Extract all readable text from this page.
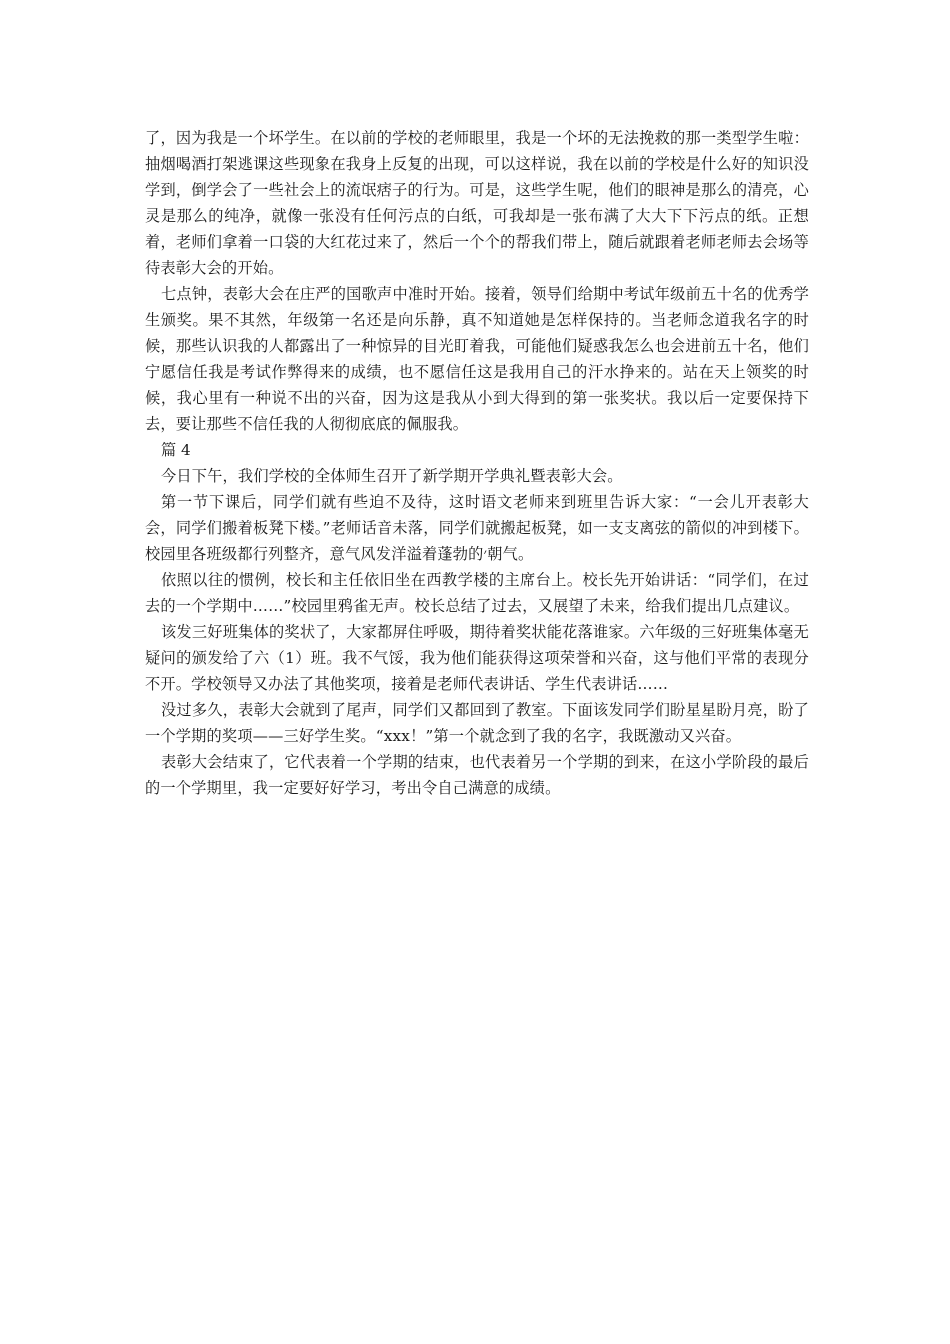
了，因为我是一个坏学生。在以前的学校的老师眼里，我是一个坏的无法挽救的那一类型学生啦：抽烟喝酒打架逃课这些现象在我身上反复的出现，可以这样说，我在以前的学校是什么好的知识没学到，倒学会了一些社会上的流氓痞子的行为。可是，这些学生呢，他们的眼神是那么的清亮，心灵是那么的纯净，就像一张没有任何污点的白纸，可我却是一张布满了大大下下污点的纸。正想着，老师们拿着一口袋的大红花过来了，然后一个个的帮我们带上，随后就跟着老师老师去会场等待表彰大会的开始。

七点钟，表彰大会在庄严的国歌声中准时开始。接着，领导们给期中考试年级前五十名的优秀学生颁奖。果不其然，年级第一名还是向乐静，真不知道她是怎样保持的。当老师念道我名字的时候，那些认识我的人都露出了一种惊异的目光盯着我，可能他们疑惑我怎么也会进前五十名，他们宁愿信任我是考试作弊得来的成绩，也不愿信任这是我用自己的汗水挣来的。站在天上领奖的时候，我心里有一种说不出的兴奋，因为这是我从小到大得到的第一张奖状。我以后一定要保持下去，要让那些不信任我的人彻彻底底的佩服我。

篇 4

今日下午，我们学校的全体师生召开了新学期开学典礼暨表彰大会。

第一节下课后，同学们就有些迫不及待，这时语文老师来到班里告诉大家：“一会儿开表彰大会，同学们搬着板凳下楼。”老师话音未落，同学们就搬起板凳，如一支支离弦的箭似的冲到楼下。校园里各班级都行列整齐，意气风发洋溢着蓬勃的׳朝气。

依照以往的惯例，校长和主任依旧坐在西教学楼的主席台上。校长先开始讲话：“同学们，在过去的一个学期中……”校园里鸦雀无声。校长总结了过去，又展望了未来，给我们提出几点建议。

该发三好班集体的奖状了，大家都屏住呼吸，期待着奖状能花落谁家。六年级的三好班集体毫无疑问的颁发给了六（1）班。我不气馁，我为他们能获得这项荣誉和兴奋，这与他们平常的表现分不开。学校领导又办法了其他奖项，接着是老师代表讲话、学生代表讲话……

没过多久，表彰大会就到了尾声，同学们又都回到了教室。下面该发同学们盼星星盼月亮，盼了一个学期的奖项——三好学生奖。“xxx！”第一个就念到了我的名字，我既激动又兴奋。

表彰大会结束了，它代表着一个学期的结束，也代表着另一个学期的到来，在这小学阶段的最后的一个学期里，我一定要好好学习，考出令自己满意的成绩。
